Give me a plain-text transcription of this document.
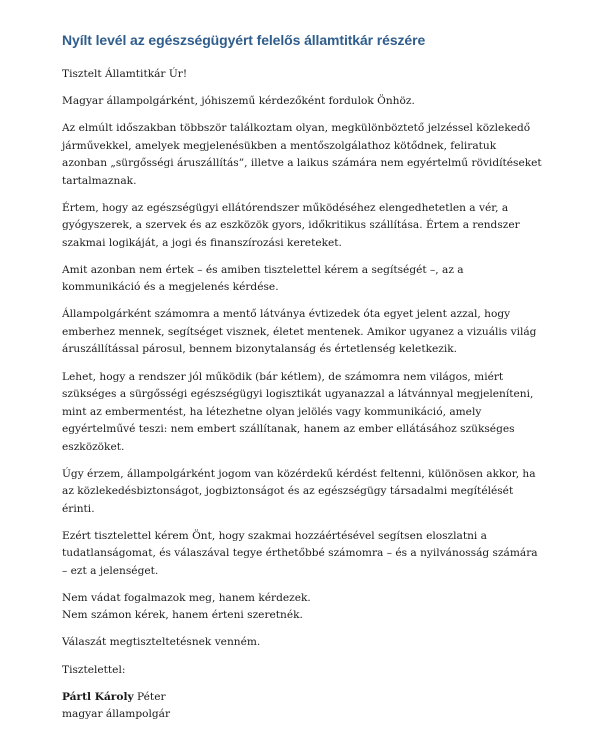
Nyílt levél az egészségügyért felelős államtitkár részére

Tisztelt Államtitkár Úr!

Magyar állampolgárként, jóhiszemű kérdezőként fordulok Önhöz.

Az elmúlt időszakban többször találkoztam olyan, megkülönböztető jelzéssel közlekedő járművekkel, amelyek megjelenésükben a mentőszolgálathoz kötődnek, feliratuk azonban „sürgősségi áruszállítás”, illetve a laikus számára nem egyértelmű rövidítéseket tartalmaznak.

Értem, hogy az egészségügyi ellátórendszer működéséhez elengedhetetlen a vér, a gyógyszerek, a szervek és az eszközök gyors, időkritikus szállítása. Értem a rendszer szakmai logikáját, a jogi és finanszírozási kereteket.

Amit azonban nem értek – és amiben tisztelettel kérem a segítségét –, az a kommunikáció és a megjelenés kérdése.

Állampolgárként számomra a mentő látványa évtizedek óta egyet jelent azzal, hogy emberhez mennek, segítséget visznek, életet mentenek. Amikor ugyanez a vizuális világ áruszállítással párosul, bennem bizonytalanság és értetlenség keletkezik.

Lehet, hogy a rendszer jól működik (bár kétlem), de számomra nem világos, miért szükséges a sürgősségi egészségügyi logisztikát ugyanazzal a látvánnyal megjeleníteni, mint az embermentést, ha létezhetne olyan jelölés vagy kommunikáció, amely egyértelművé teszi: nem embert szállítanak, hanem az ember ellátásához szükséges eszközöket.

Úgy érzem, állampolgárként jogom van közérdekű kérdést feltenni, különösen akkor, ha az közlekedésbiztonságot, jogbiztonságot és az egészségügy társadalmi megítélését érinti.

Ezért tisztelettel kérem Önt, hogy szakmai hozzáértésével segítsen eloszlatni a tudatlanságomat, és válaszával tegye érthetőbbé számomra – és a nyilvánosság számára – ezt a jelenséget.

Nem vádat fogalmazok meg, hanem kérdezek.
Nem számon kérek, hanem érteni szeretnék.

Válaszát megtiszteltetésnek venném.

Tisztelettel:

Pártl Károly Péter
magyar állampolgár
